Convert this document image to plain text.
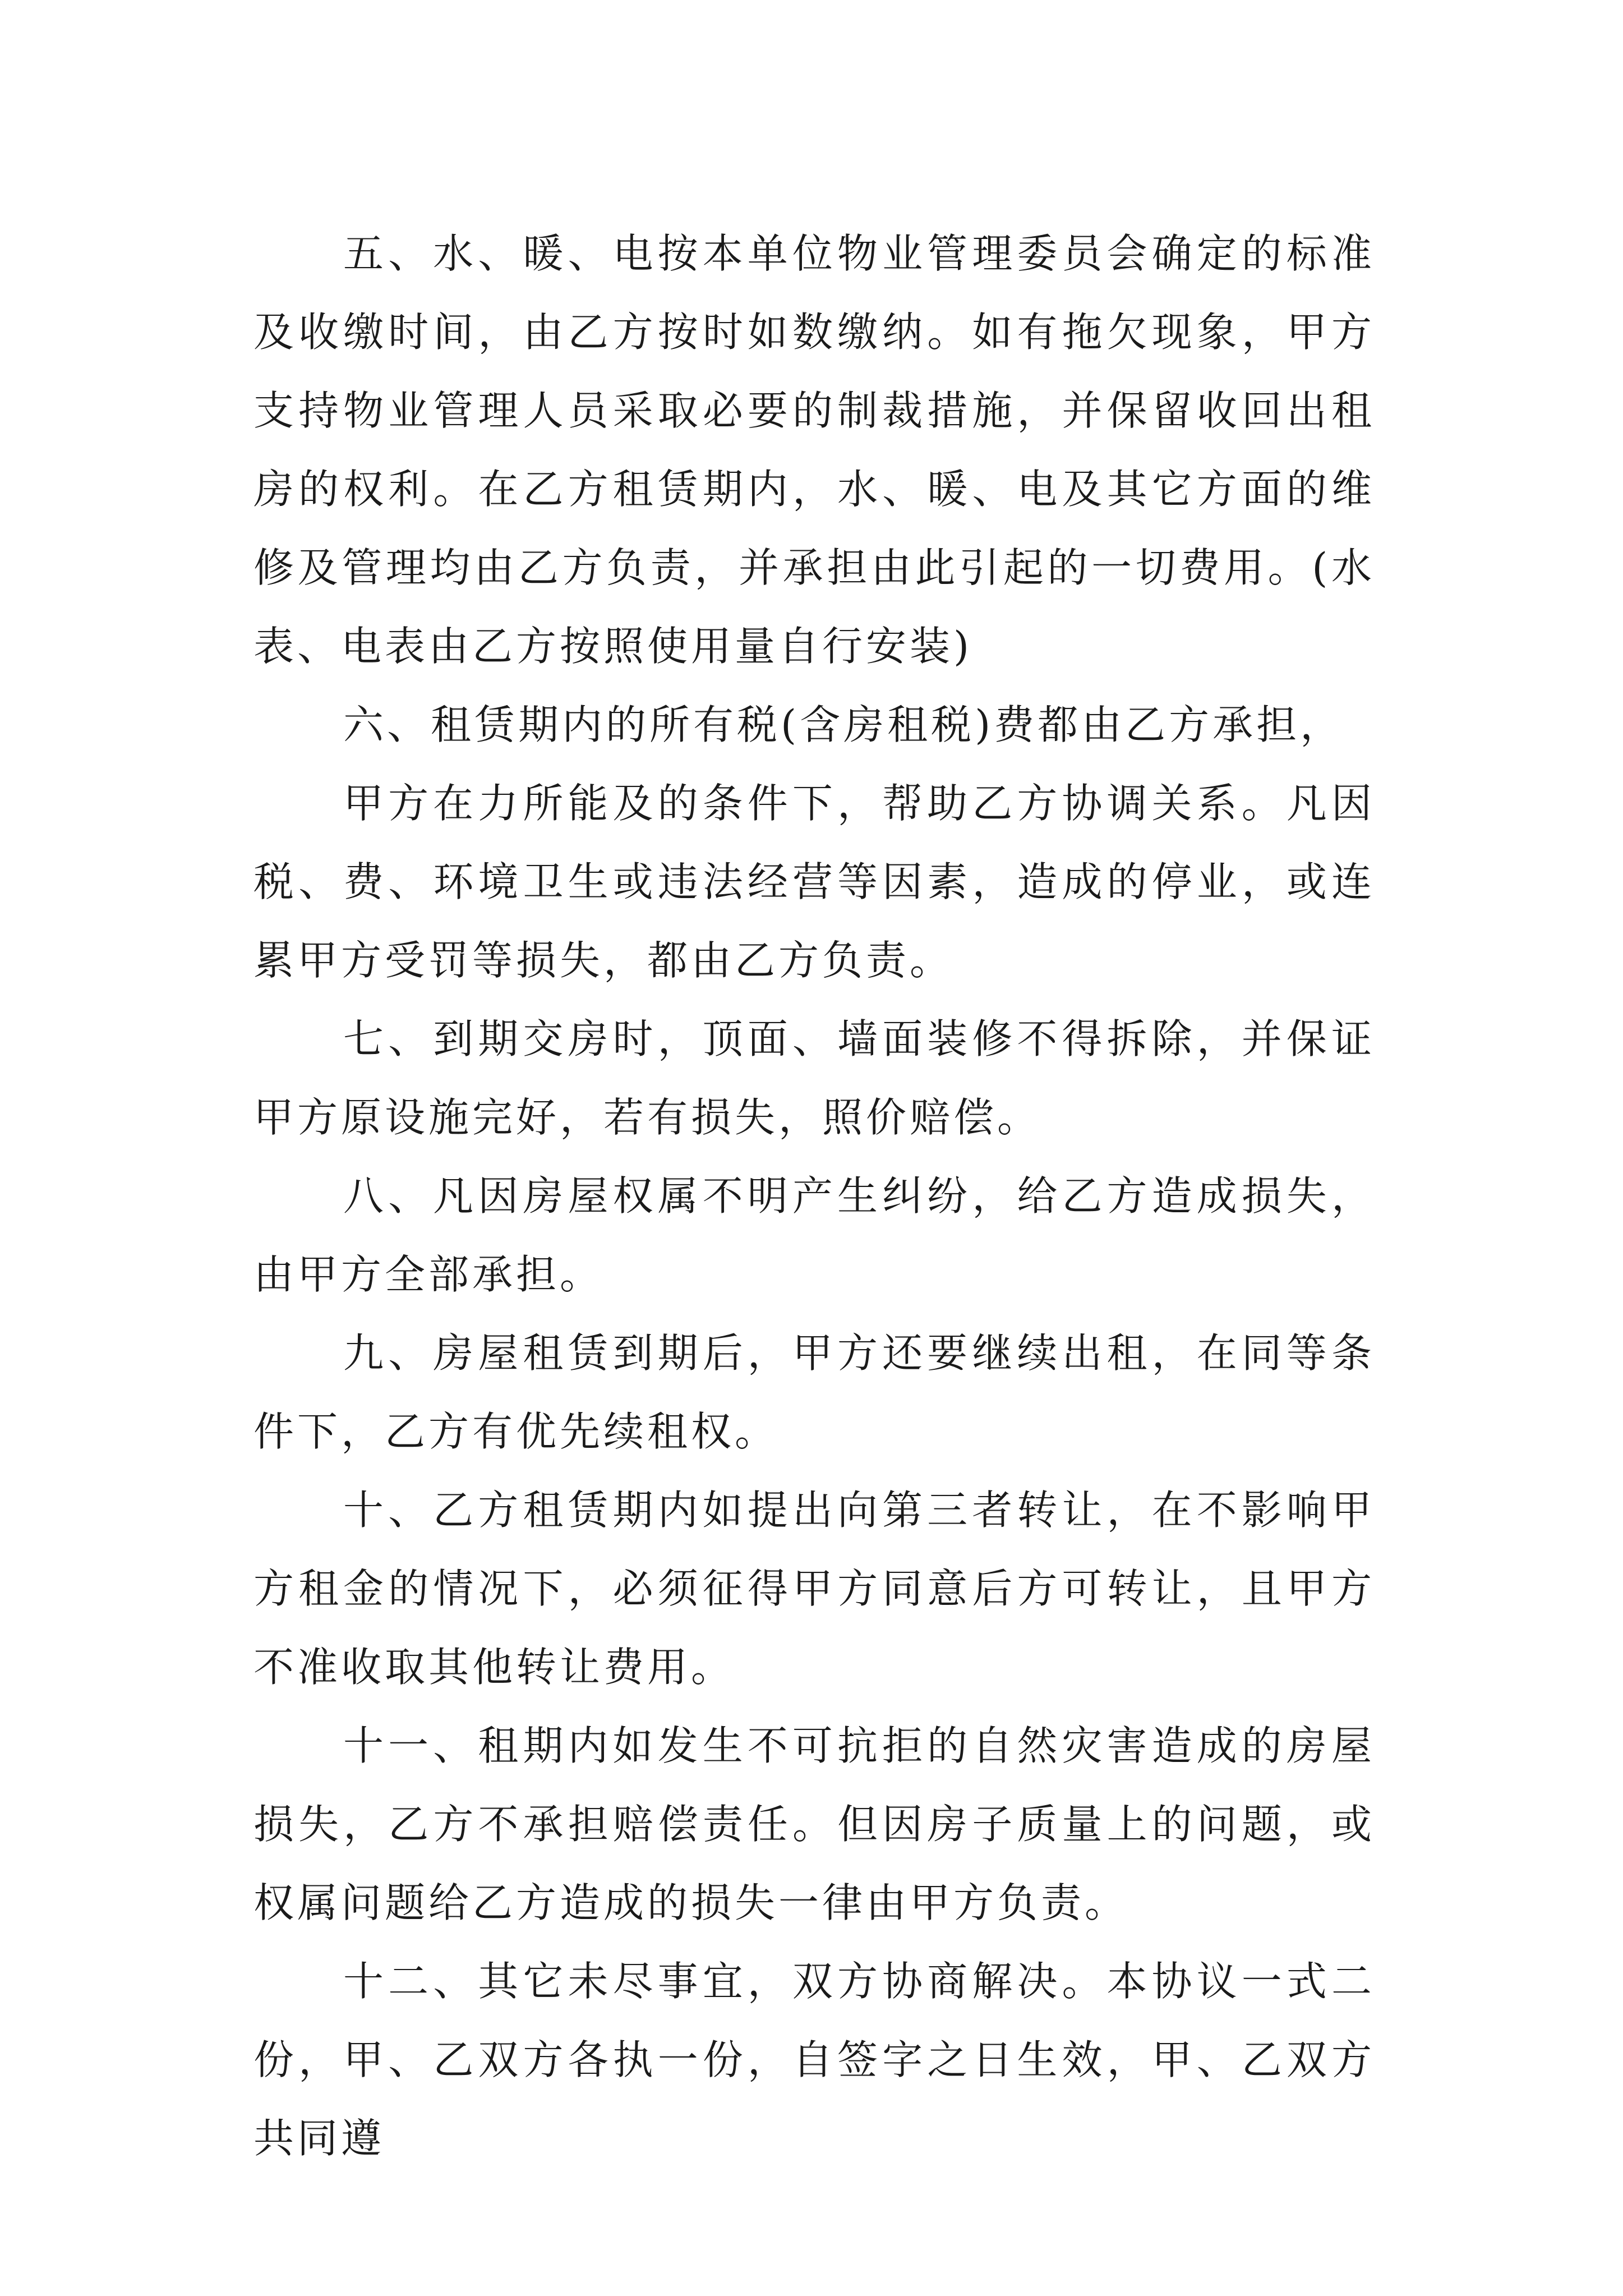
五、水、暖、电按本单位物业管理委员会确定的标准及收缴时间，由乙方按时如数缴纳。如有拖欠现象，甲方支持物业管理人员采取必要的制裁措施，并保留收回出租房的权利。在乙方租赁期内，水、暖、电及其它方面的维修及管理均由乙方负责，并承担由此引起的一切费用。(水表、电表由乙方按照使用量自行安装)

六、租赁期内的所有税(含房租税)费都由乙方承担，

甲方在力所能及的条件下，帮助乙方协调关系。凡因税、费、环境卫生或违法经营等因素，造成的停业，或连累甲方受罚等损失，都由乙方负责。

七、到期交房时，顶面、墙面装修不得拆除，并保证甲方原设施完好，若有损失，照价赔偿。

八、凡因房屋权属不明产生纠纷，给乙方造成损失，由甲方全部承担。

九、房屋租赁到期后，甲方还要继续出租，在同等条件下，乙方有优先续租权。

十、乙方租赁期内如提出向第三者转让，在不影响甲方租金的情况下，必须征得甲方同意后方可转让，且甲方不准收取其他转让费用。

十一、租期内如发生不可抗拒的自然灾害造成的房屋损失，乙方不承担赔偿责任。但因房子质量上的问题，或权属问题给乙方造成的损失一律由甲方负责。

十二、其它未尽事宜，双方协商解决。本协议一式二份，甲、乙双方各执一份，自签字之日生效，甲、乙双方共同遵
